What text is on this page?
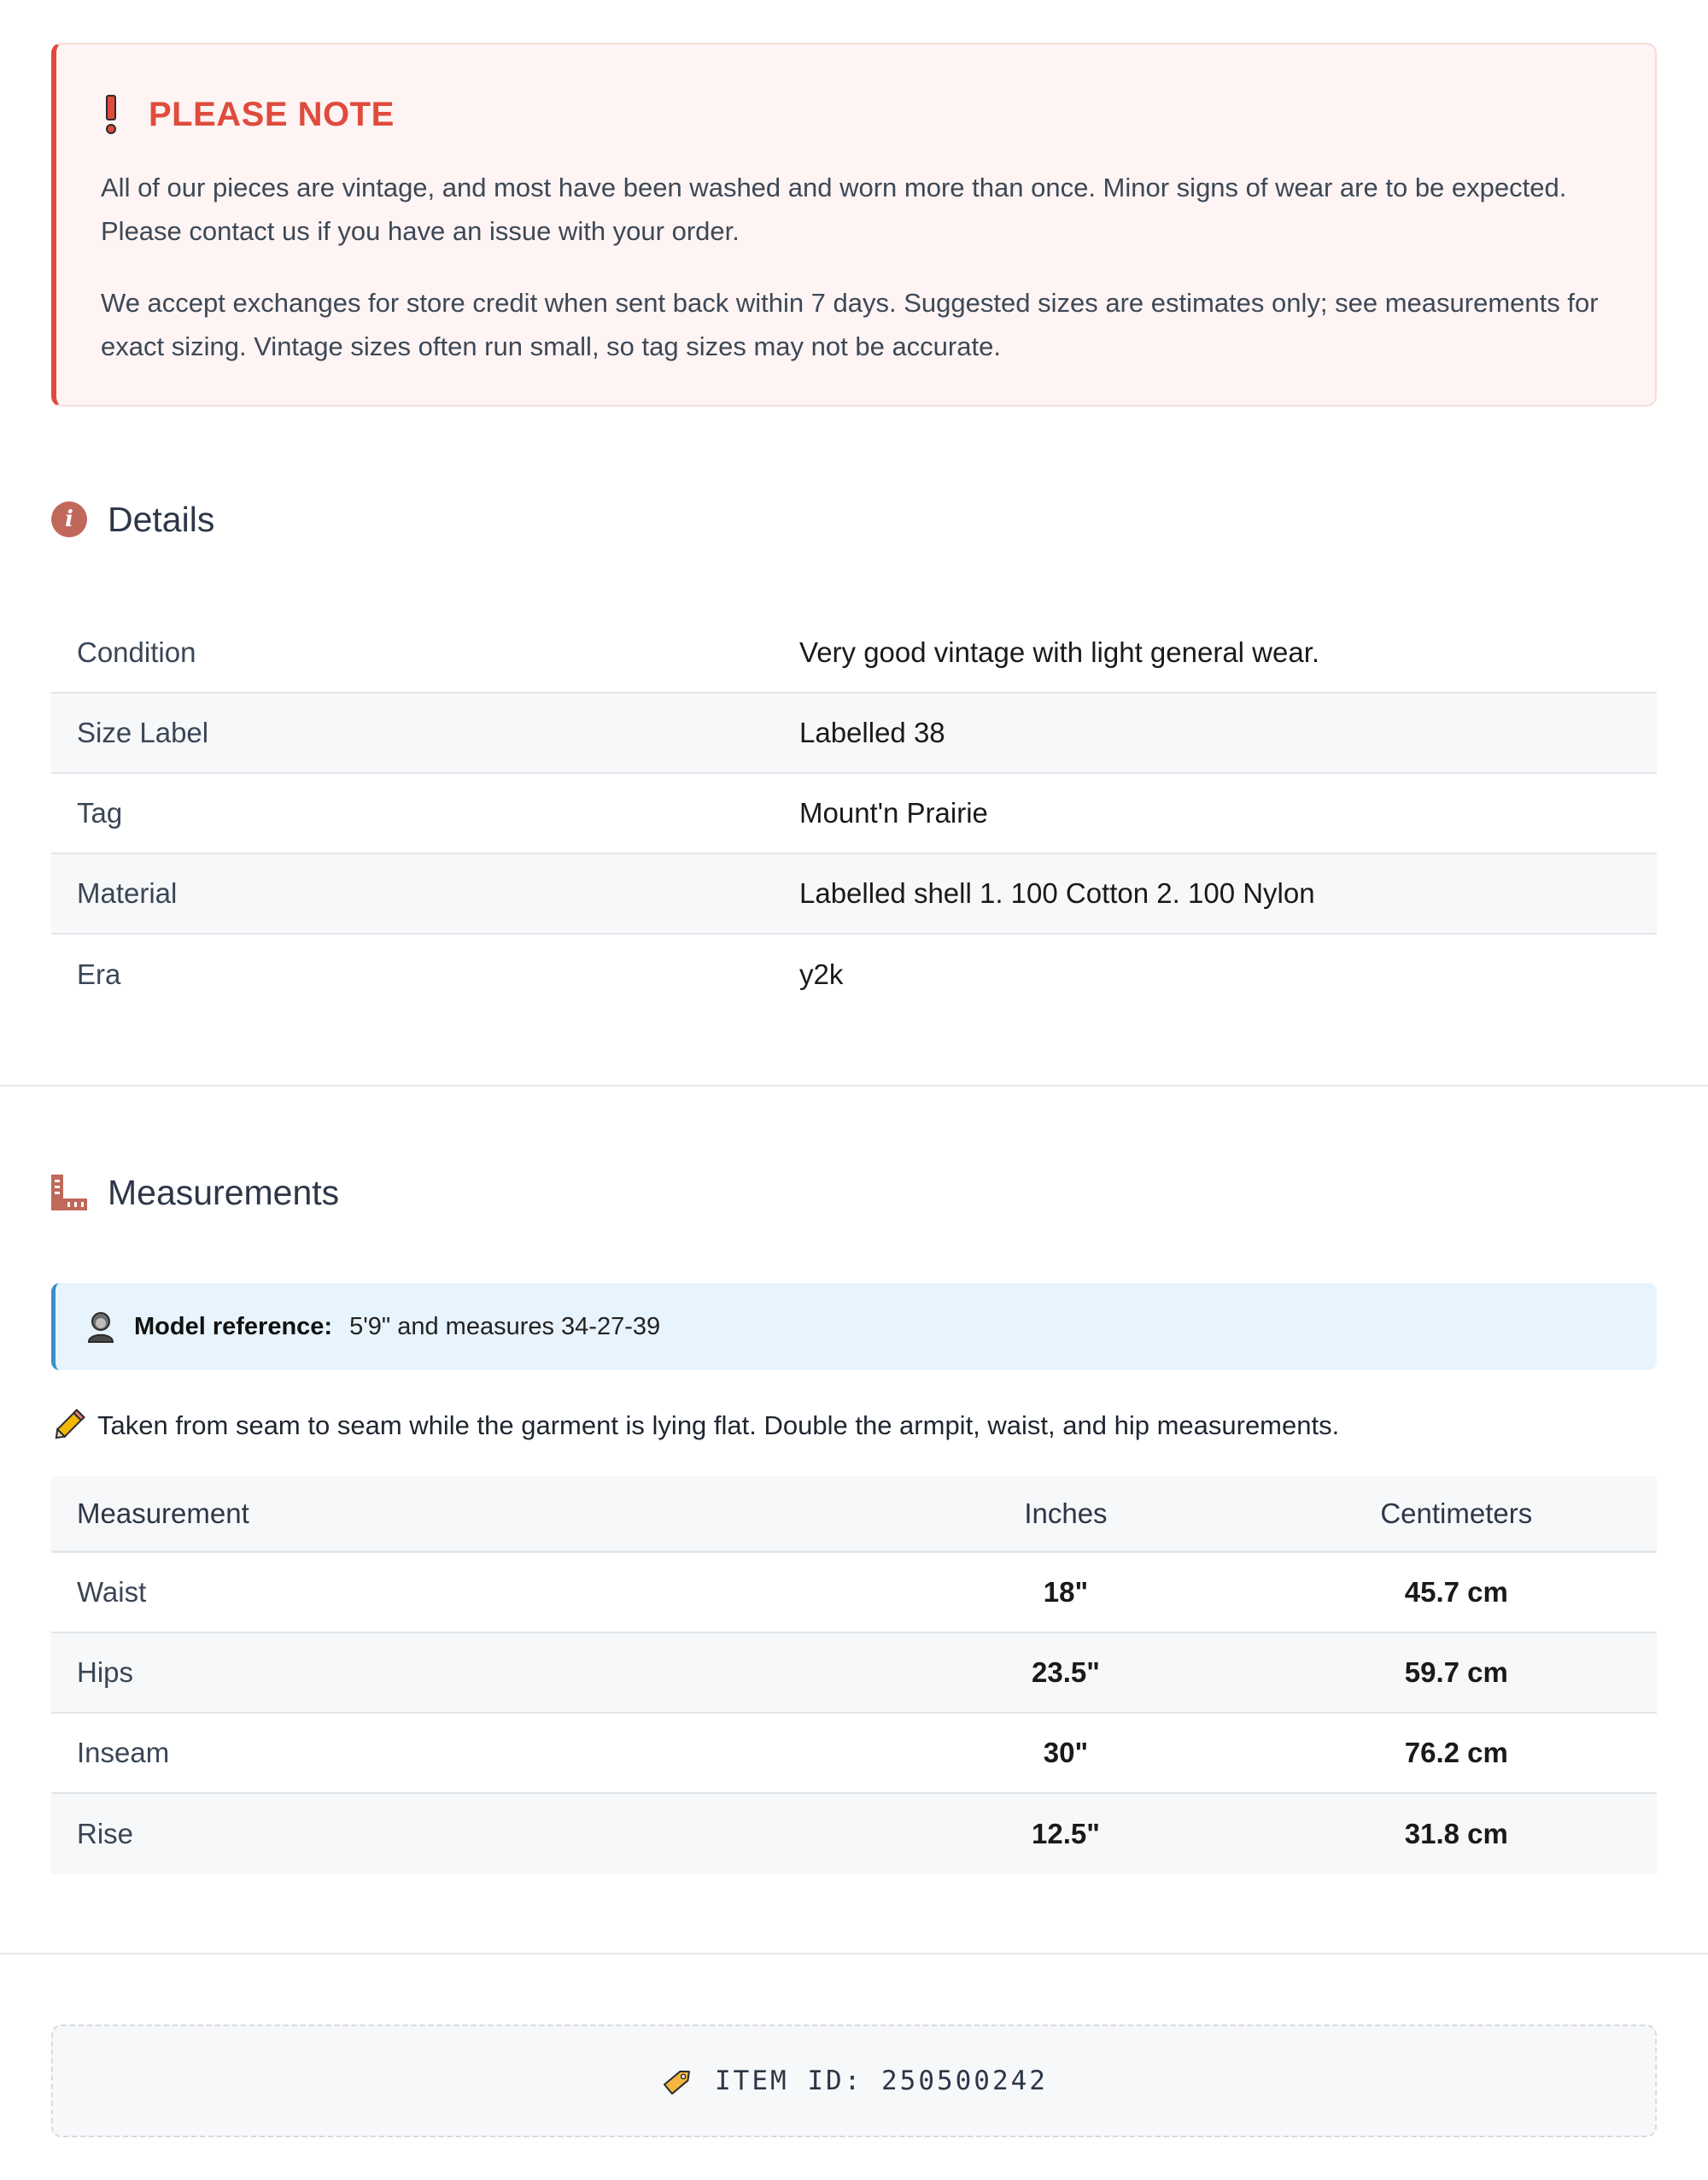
PLEASE NOTE

All of our pieces are vintage, and most have been washed and worn more than once. Minor signs of wear are to be expected. Please contact us if you have an issue with your order.

We accept exchanges for store credit when sent back within 7 days. Suggested sizes are estimates only; see measurements for exact sizing. Vintage sizes often run small, so tag sizes may not be accurate.

i Details
Condition	Very good vintage with light general wear.
Size Label	Labelled 38
Tag	Mount'n Prairie
Material	Labelled shell 1. 100 Cotton 2. 100 Nylon
Era	y2k
Measurements
Model reference: 5'9" and measures 34-27-39
Taken from seam to seam while the garment is lying flat. Double the armpit, waist, and hip measurements.
Measurement	Inches	Centimeters
Waist	18"	45.7 cm
Hips	23.5"	59.7 cm
Inseam	30"	76.2 cm
Rise	12.5"	31.8 cm
ITEM ID: 250500242
